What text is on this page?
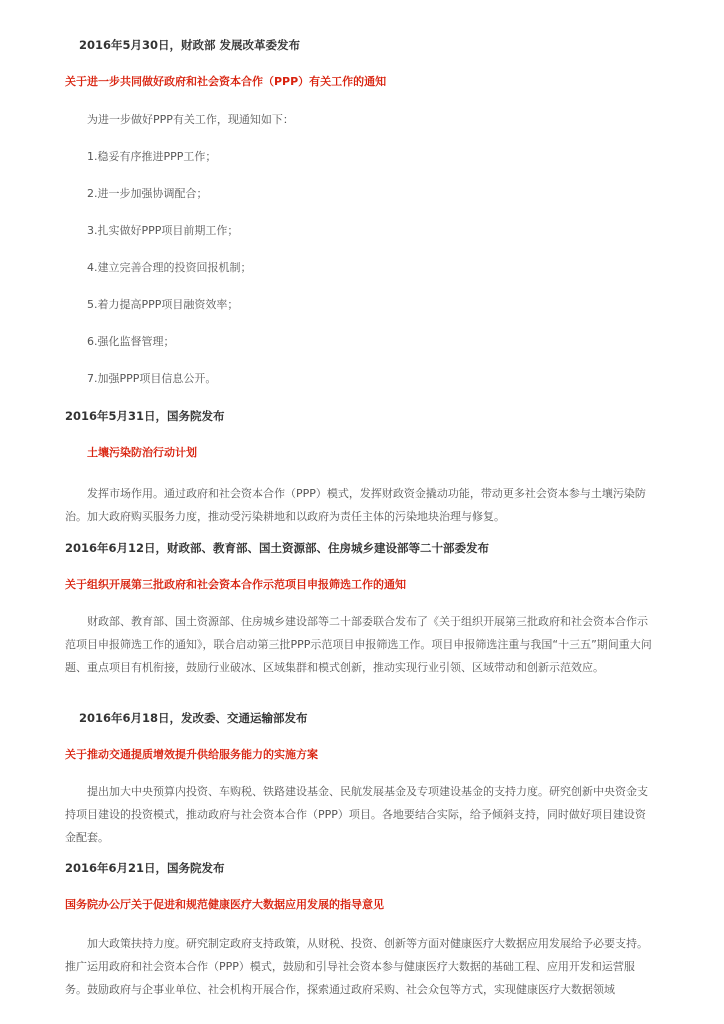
2016年5月30日，财政部 发展改革委发布
关于进一步共同做好政府和社会资本合作（PPP）有关工作的通知
为进一步做好PPP有关工作，现通知如下：
1.稳妥有序推进PPP工作；
2.进一步加强协调配合；
3.扎实做好PPP项目前期工作；
4.建立完善合理的投资回报机制；
5.着力提高PPP项目融资效率；
6.强化监督管理；
7.加强PPP项目信息公开。
2016年5月31日，国务院发布
土壤污染防治行动计划
发挥市场作用。通过政府和社会资本合作（PPP）模式，发挥财政资金撬动功能，带动更多社会资本参与土壤污染防治。加大政府购买服务力度，推动受污染耕地和以政府为责任主体的污染地块治理与修复。
2016年6月12日，财政部、教育部、国土资源部、住房城乡建设部等二十部委发布
关于组织开展第三批政府和社会资本合作示范项目申报筛选工作的通知
财政部、教育部、国土资源部、住房城乡建设部等二十部委联合发布了《关于组织开展第三批政府和社会资本合作示范项目申报筛选工作的通知》，联合启动第三批PPP示范项目申报筛选工作。项目申报筛选注重与我国“十三五”期间重大问题、重点项目有机衔接，鼓励行业破冰、区域集群和模式创新，推动实现行业引领、区域带动和创新示范效应。
2016年6月18日，发改委、交通运输部发布
关于推动交通提质增效提升供给服务能力的实施方案
提出加大中央预算内投资、车购税、铁路建设基金、民航发展基金及专项建设基金的支持力度。研究创新中央资金支持项目建设的投资模式，推动政府与社会资本合作（PPP）项目。各地要结合实际，给予倾斜支持，同时做好项目建设资金配套。
2016年6月21日，国务院发布
国务院办公厅关于促进和规范健康医疗大数据应用发展的指导意见
加大政策扶持力度。研究制定政府支持政策，从财税、投资、创新等方面对健康医疗大数据应用发展给予必要支持。推广运用政府和社会资本合作（PPP）模式，鼓励和引导社会资本参与健康医疗大数据的基础工程、应用开发和运营服务。鼓励政府与企事业单位、社会机构开展合作，探索通过政府采购、社会众包等方式，实现健康医疗大数据领域
